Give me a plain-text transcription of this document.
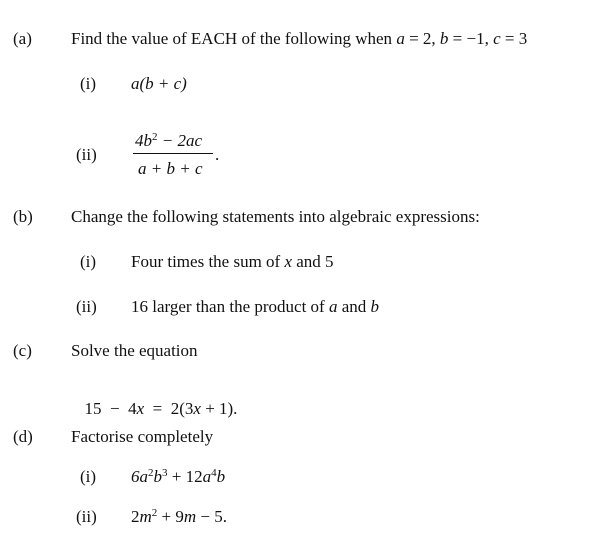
(a) Find the value of EACH of the following when a = 2, b = −1, c = 3
(i) a(b + c)
(ii)
$4b^2 - 2ac$
a + b + c
.
(b) Change the following statements into algebraic expressions:
(i) Four times the sum of x and 5
(ii) 16 larger than the product of a and b
(c) Solve the equation

15  −  4x  =  2(3x + 1).

(d) Factorise completely
(i) $6a^2b^3 + 12a^4b$
(ii) $2m^2 + 9m - 5$.
